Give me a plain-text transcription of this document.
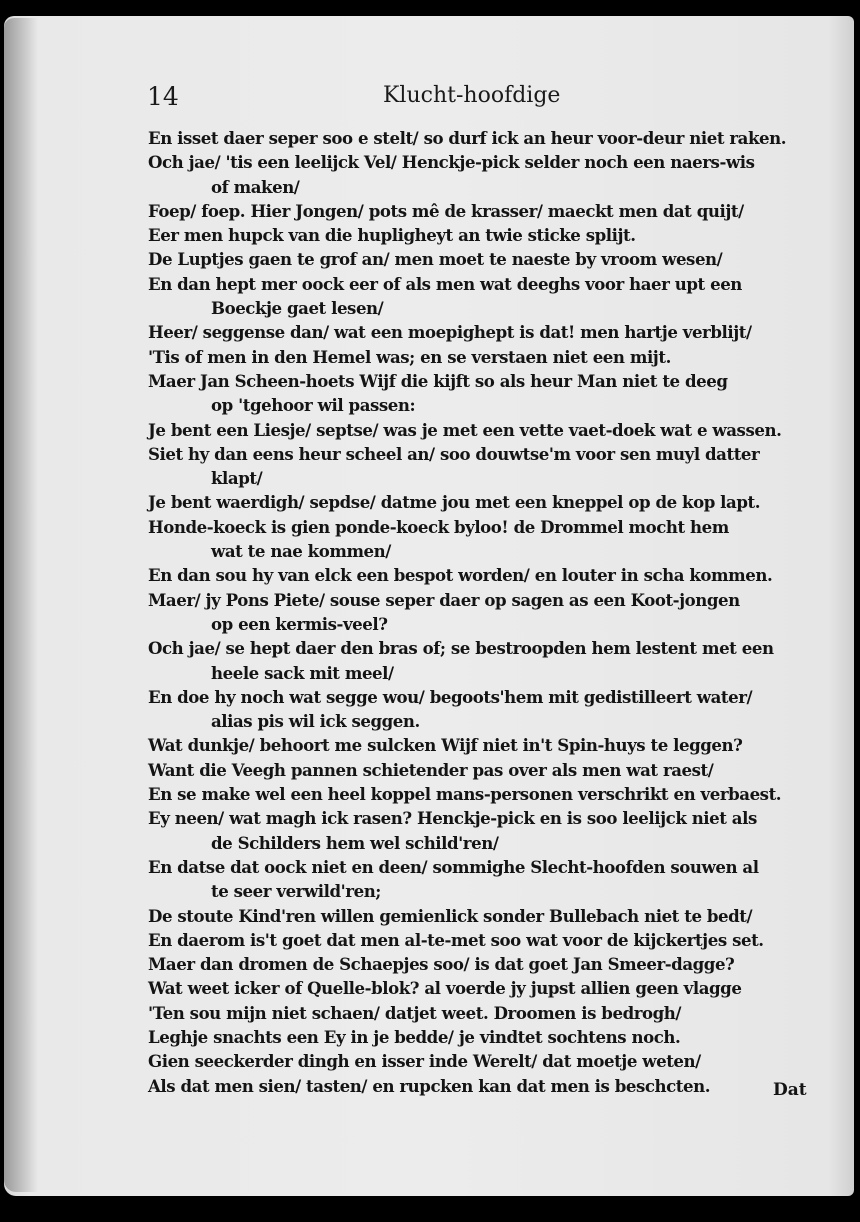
14	Klucht-hoofdige
En isset daer seper soo e stelt/ so durf ick an heur voor-deur niet raken.
Och jae/ 'tis een leelijck Vel/ Henckje-pick selder noch een naers-wis
of maken/
Foep/ foep. Hier Jongen/ pots mê de krasser/ maeckt men dat quijt/
Eer men hupck van die hupligheyt an twie sticke splijt.
De Luptjes gaen te grof an/ men moet te naeste by vroom wesen/
En dan hept mer oock eer of als men wat deeghs voor haer upt een
Boeckje gaet lesen/
Heer/ seggense dan/ wat een moepighept is dat! men hartje verblijt/
'Tis of men in den Hemel was; en se verstaen niet een mijt.
Maer Jan Scheen-hoets Wijf die kijft so als heur Man niet te deeg
op 'tgehoor wil passen:
Je bent een Liesje/ septse/ was je met een vette vaet-doek wat e wassen.
Siet hy dan eens heur scheel an/ soo douwtse'm voor sen muyl datter
klapt/
Je bent waerdigh/ sepdse/ datme jou met een kneppel op de kop lapt.
Honde-koeck is gien ponde-koeck byloo! de Drommel mocht hem
wat te nae kommen/
En dan sou hy van elck een bespot worden/ en louter in scha kommen.
Maer/ jy Pons Piete/ souse seper daer op sagen as een Koot-jongen
op een kermis-veel?
Och jae/ se hept daer den bras of; se bestroopden hem lestent met een
heele sack mit meel/
En doe hy noch wat segge wou/ begoots'hem mit gedistilleert water/
alias pis wil ick seggen.
Wat dunkje/ behoort me sulcken Wijf niet in't Spin-huys te leggen?
Want die Veegh pannen schietender pas over als men wat raest/
En se make wel een heel koppel mans-personen verschrikt en verbaest.
Ey neen/ wat magh ick rasen? Henckje-pick en is soo leelijck niet als
de Schilders hem wel schild'ren/
En datse dat oock niet en deen/ sommighe Slecht-hoofden souwen al
te seer verwild'ren;
De stoute Kind'ren willen gemienlick sonder Bullebach niet te bedt/
En daerom is't goet dat men al-te-met soo wat voor de kijckertjes set.
Maer dan dromen de Schaepjes soo/ is dat goet Jan Smeer-dagge?
Wat weet icker of Quelle-blok? al voerde jy jupst allien geen vlagge
'Ten sou mijn niet schaen/ datjet weet. Droomen is bedrogh/
Leghje snachts een Ey in je bedde/ je vindtet sochtens noch.
Gien seeckerder dingh en isser inde Werelt/ dat moetje weten/
Als dat men sien/ tasten/ en rupcken kan dat men is beschcten.	Dat
